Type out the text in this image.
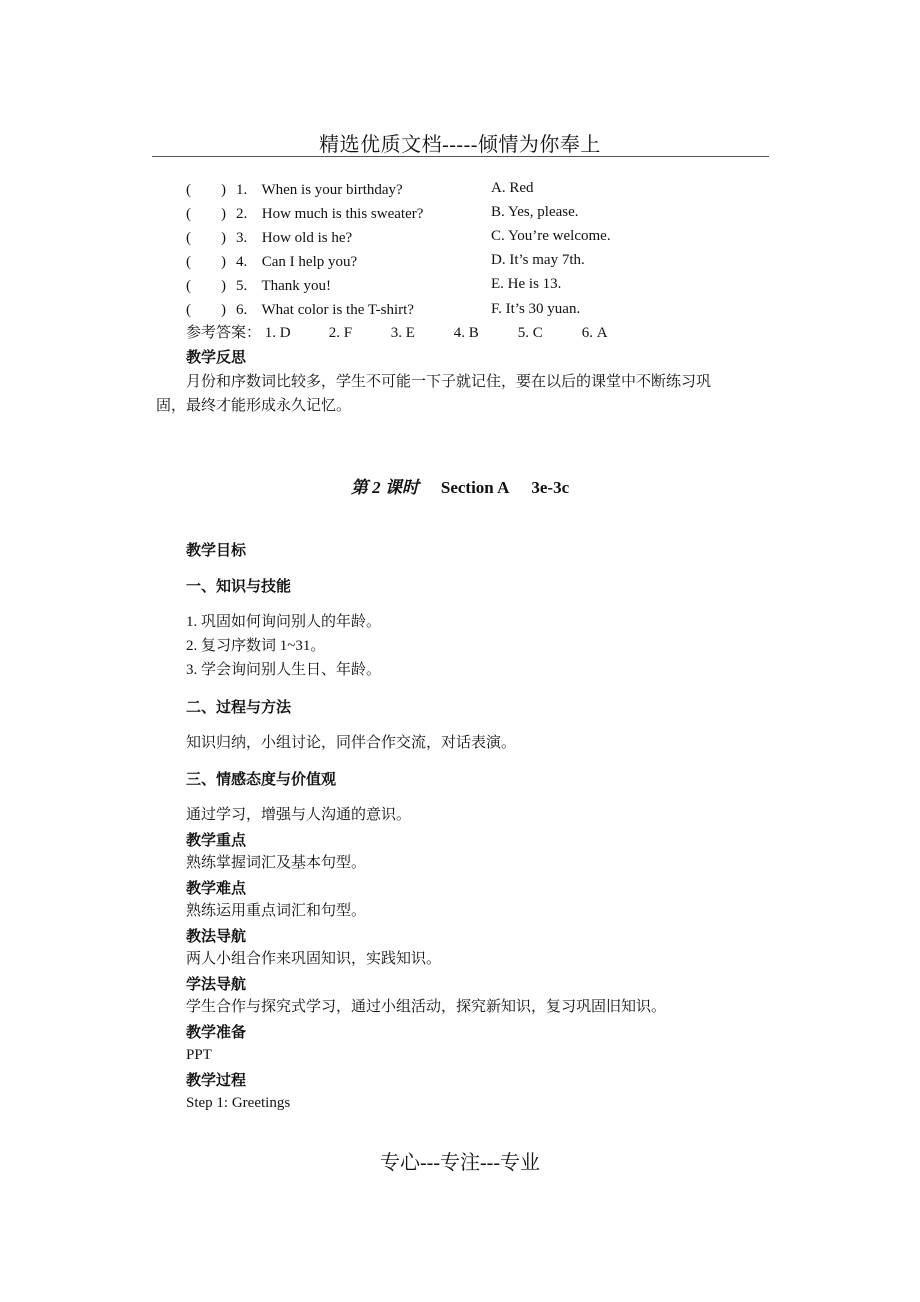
精选优质文档-----倾情为你奉上
(　　) 1. When is your birthday?
(　　) 2. How much is this sweater?
(　　) 3. How old is he?
(　　) 4. Can I help you?
(　　) 5. Thank you!
(　　) 6. What color is the T-shirt?
A. Red
B. Yes, please.
C. You’re welcome.
D. It’s may 7th.
E. He is 13.
F. It’s 30 yuan.
参考答案： 1. D	2. F	3. E	4. B	5. C	6. A
教学反思
月份和序数词比较多，学生不可能一下子就记住，要在以后的课堂中不断练习巩
固，最终才能形成永久记忆。
第 2 课时 Section A 3e-3c
教学目标
一、知识与技能
1. 巩固如何询问别人的年龄。
2. 复习序数词 1~31。
3. 学会询问别人生日、年龄。
二、过程与方法
知识归纳，小组讨论，同伴合作交流，对话表演。
三、情感态度与价值观
通过学习，增强与人沟通的意识。
教学重点
熟练掌握词汇及基本句型。
教学难点
熟练运用重点词汇和句型。
教法导航
两人小组合作来巩固知识，实践知识。
学法导航
学生合作与探究式学习，通过小组活动，探究新知识，复习巩固旧知识。
教学准备
PPT
教学过程
Step 1: Greetings
专心---专注---专业
